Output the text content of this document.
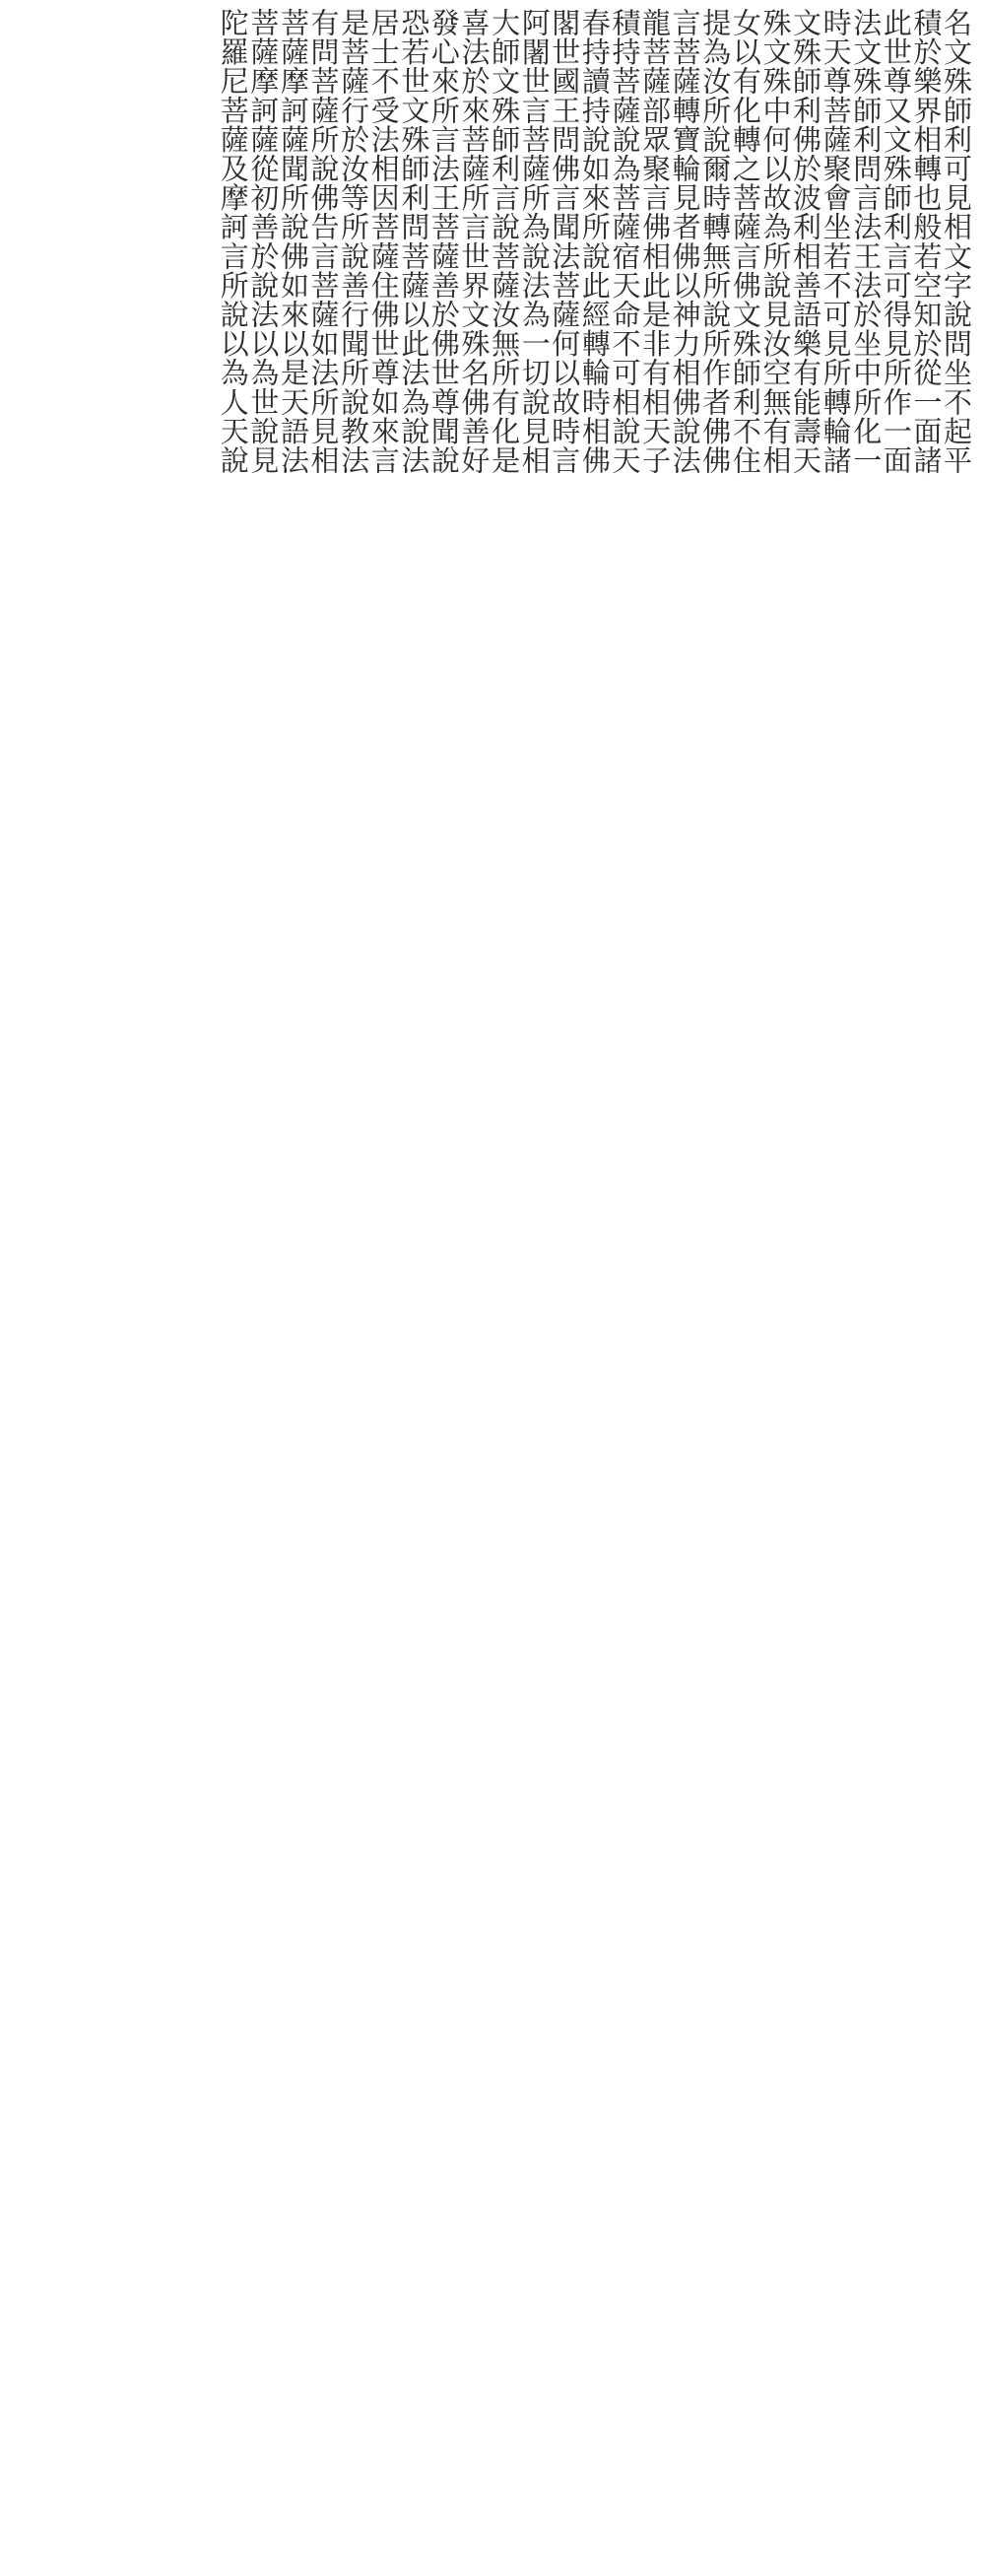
名文殊師利可見相文字說問坐不起平
積於樂界相轉也般若空知於從一面諸
此世尊又文殊師利言可得見所作一面
法文殊師利問言法王法於坐中所化一
時天尊菩薩聚會坐若不可見所轉輪諸
文殊師利佛於波利相善語樂有能壽天
殊文殊中何以故為所說見汝空無有相
女以有化轉之菩薩言佛文殊師利不住
提為汝所說爾時轉無所說所作者佛佛
言菩薩轉寶輪見者佛以神力相佛說法
龍菩薩部眾聚言佛相此是非有相天子
積持菩薩說為菩薩宿天命不可相說天
春持讀持說如來所說此經轉輪時相佛
閣世國王問佛言聞法菩薩何以故時言
阿闍世言菩薩所為說法為一切說見相
大師文殊師利言說菩薩汝無所有化是
喜法於來菩薩所言世界文殊名佛善好
發心來所言法王菩薩善於佛世尊聞說
恐若世文殊師利問菩薩以此法為說法
居士不受法相因菩薩住佛世尊如來言
是菩薩行於汝等所說善行聞所說教法
有問菩薩所說佛告言菩薩如法所見相
菩薩摩訶薩聞所說佛如來以是天語法
菩薩摩訶薩從初善於說法以為世說見
陀羅尼菩薩及摩訶言所說以為人天說
